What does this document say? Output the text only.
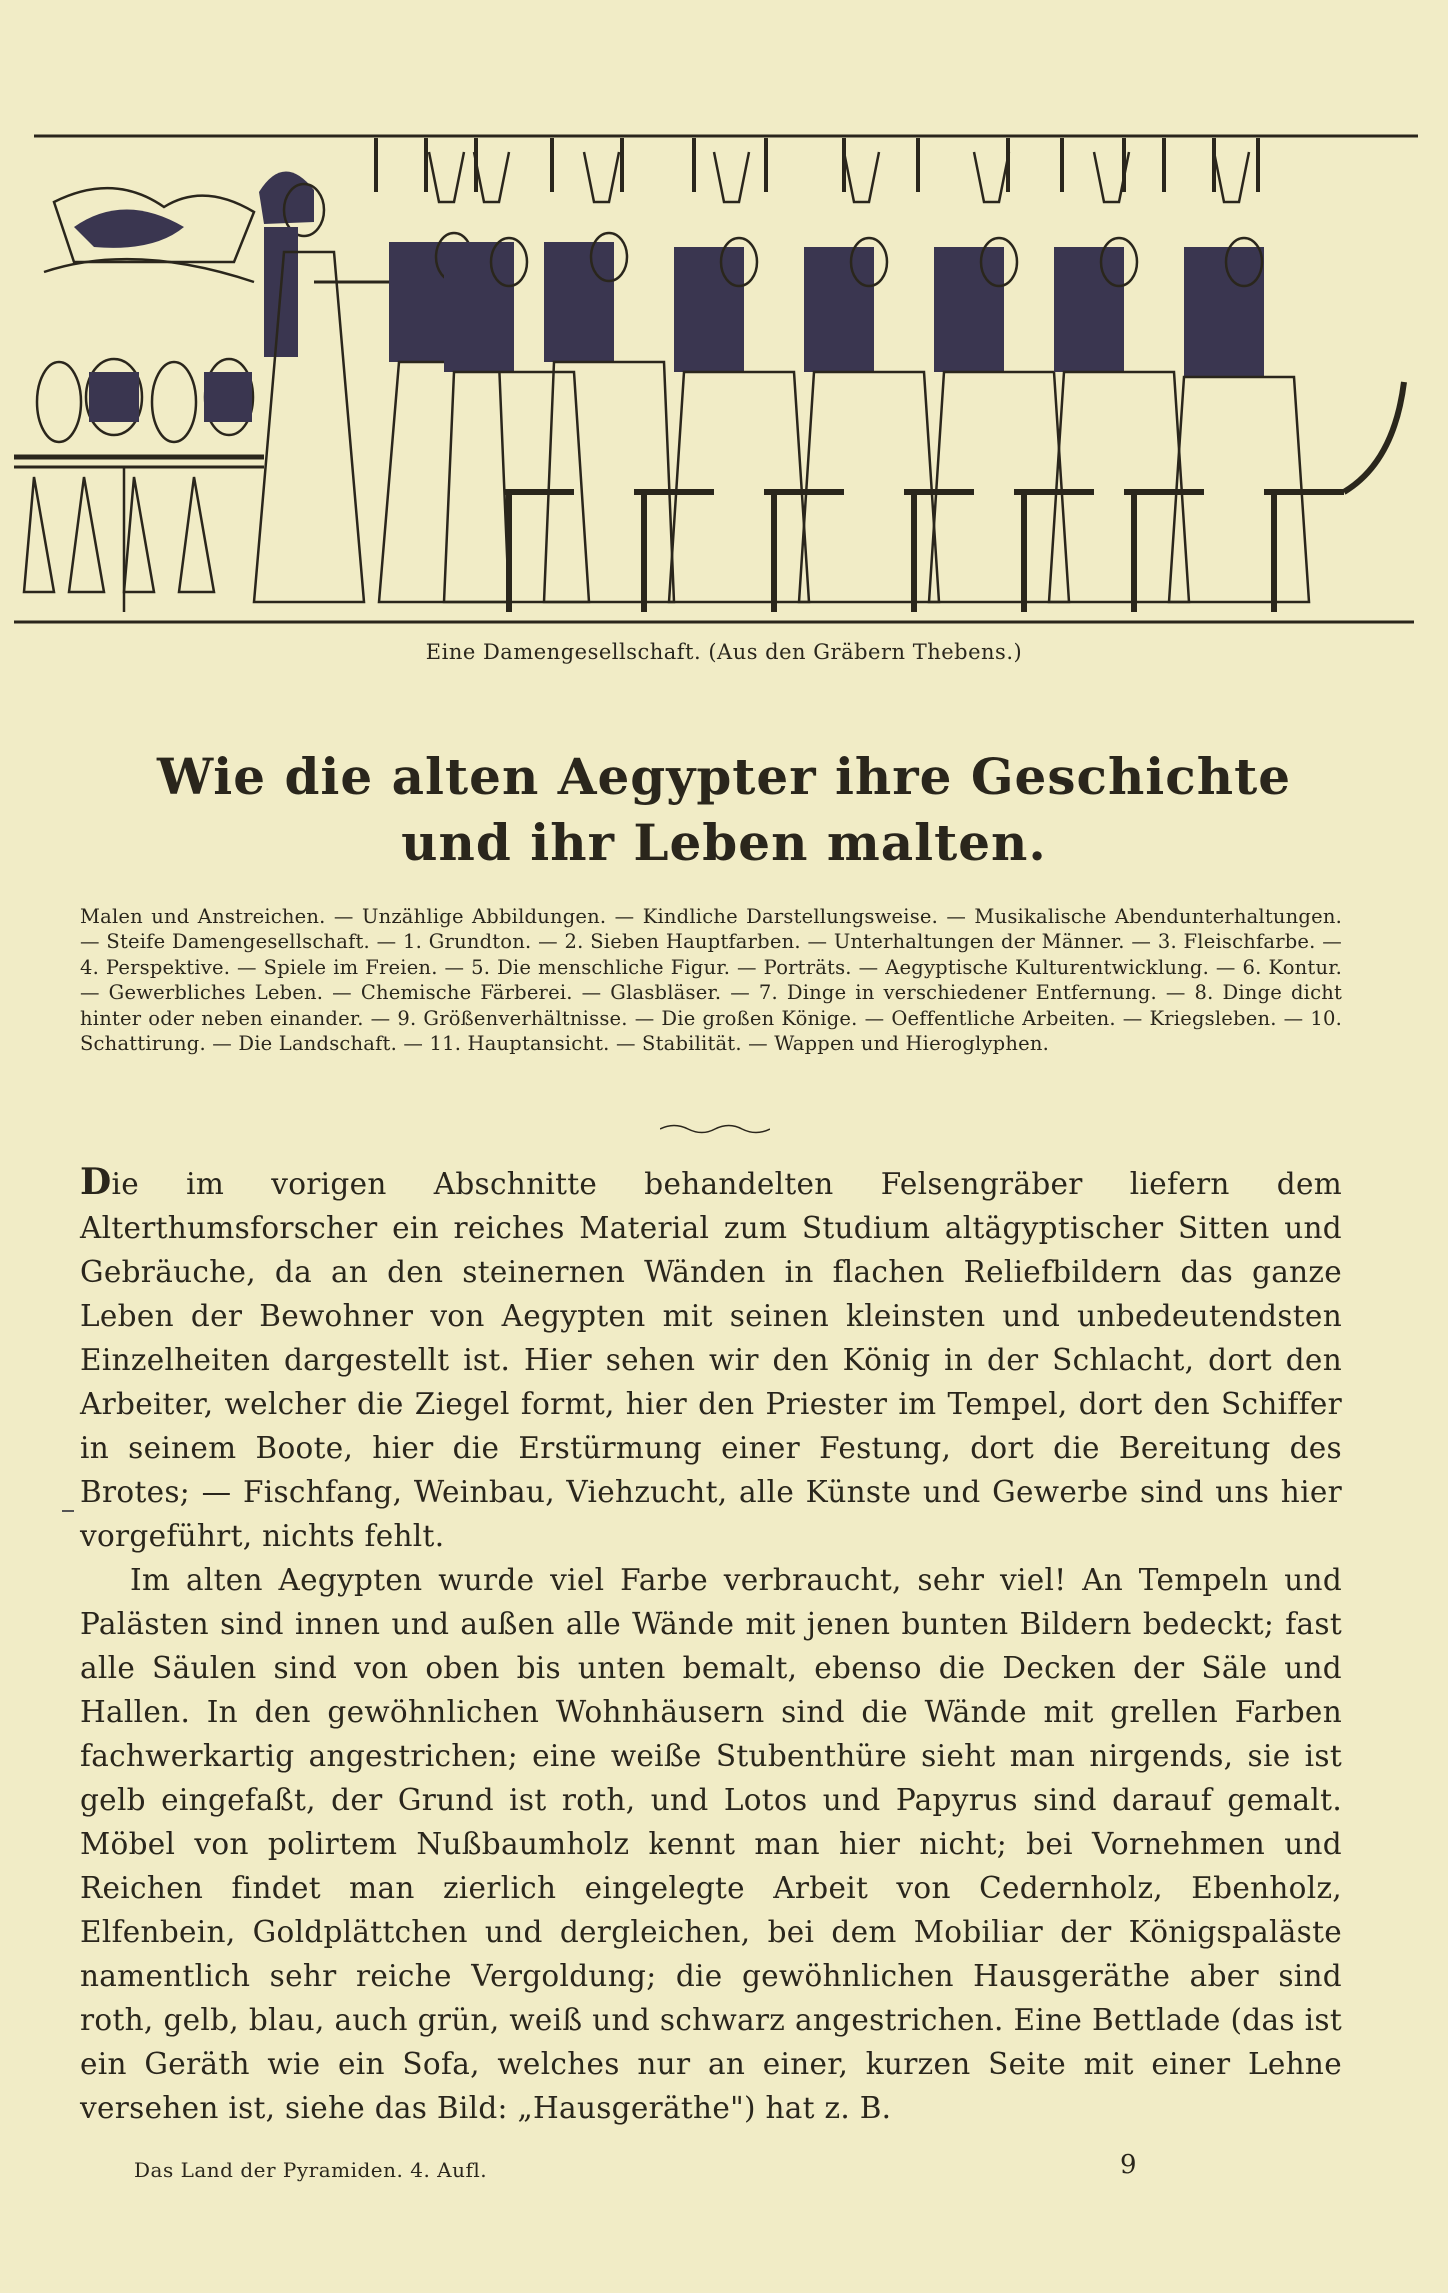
Eine Damengesellschaft. (Aus den Gräbern Thebens.)
Wie die alten Aegypter ihre Geschichte und ihr Leben malten.
Malen und Anstreichen. — Unzählige Abbildungen. — Kindliche Darstellungsweise. — Musikalische Abendunterhaltungen. — Steife Damengesellschaft. — 1. Grundton. — 2. Sieben Hauptfarben. — Unterhaltungen der Männer. — 3. Fleischfarbe. — 4. Perspektive. — Spiele im Freien. — 5. Die menschliche Figur. — Porträts. — Aegyptische Kulturentwicklung. — 6. Kontur. — Gewerbliches Leben. — Chemische Färberei. — Glasbläser. — 7. Dinge in verschiedener Entfernung. — 8. Dinge dicht hinter oder neben einander. — 9. Größenverhältnisse. — Die großen Könige. — Oeffentliche Arbeiten. — Kriegsleben. — 10. Schattirung. — Die Landschaft. — 11. Hauptansicht. — Stabilität. — Wappen und Hieroglyphen.

Die im vorigen Abschnitte behandelten Felsengräber liefern dem Alterthumsforscher ein reiches Material zum Studium altägyptischer Sitten und Gebräuche, da an den steinernen Wänden in flachen Reliefbildern das ganze Leben der Bewohner von Aegypten mit seinen kleinsten und unbedeutendsten Einzelheiten dargestellt ist. Hier sehen wir den König in der Schlacht, dort den Arbeiter, welcher die Ziegel formt, hier den Priester im Tempel, dort den Schiffer in seinem Boote, hier die Erstürmung einer Festung, dort die Bereitung des Brotes; — Fischfang, Weinbau, Viehzucht, alle Künste und Gewerbe sind uns hier vorgeführt, nichts fehlt.

Im alten Aegypten wurde viel Farbe verbraucht, sehr viel! An Tempeln und Palästen sind innen und außen alle Wände mit jenen bunten Bildern bedeckt; fast alle Säulen sind von oben bis unten bemalt, ebenso die Decken der Säle und Hallen. In den gewöhnlichen Wohnhäusern sind die Wände mit grellen Farben fachwerkartig angestrichen; eine weiße Stubenthüre sieht man nirgends, sie ist gelb eingefaßt, der Grund ist roth, und Lotos und Papyrus sind darauf gemalt. Möbel von polirtem Nußbaumholz kennt man hier nicht; bei Vornehmen und Reichen findet man zierlich eingelegte Arbeit von Cedernholz, Ebenholz, Elfenbein, Goldplättchen und dergleichen, bei dem Mobiliar der Königspaläste namentlich sehr reiche Vergoldung; die gewöhnlichen Hausgeräthe aber sind roth, gelb, blau, auch grün, weiß und schwarz angestrichen. Eine Bettlade (das ist ein Geräth wie ein Sofa, welches nur an einer, kurzen Seite mit einer Lehne versehen ist, siehe das Bild: „Hausgeräthe") hat z. B.

Das Land der Pyramiden. 4. Aufl.	9
